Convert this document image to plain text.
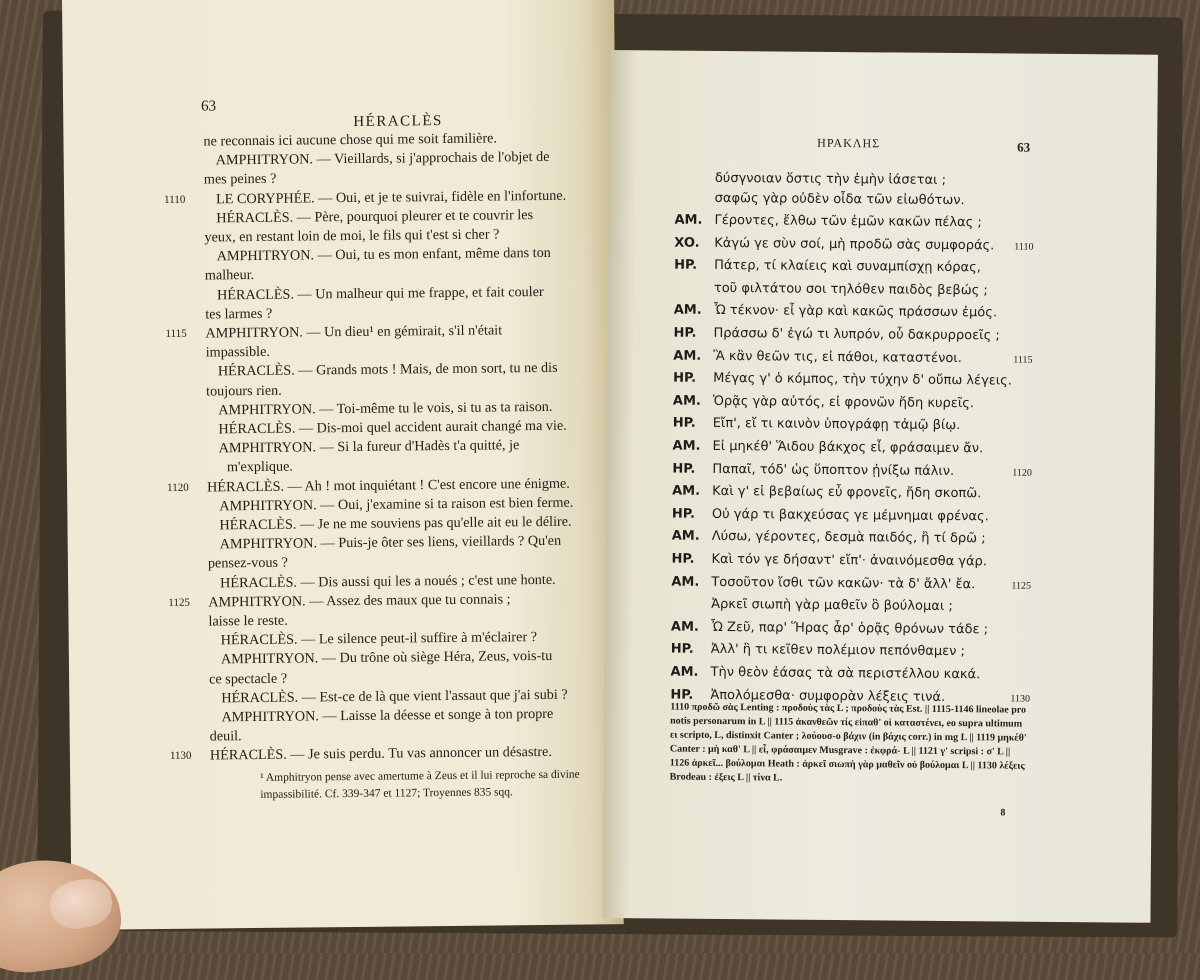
63
HÉRACLÈS
ne reconnais ici aucune chose qui me soit familière.
AMPHITRYON. — Vieillards, si j'approchais de l'objet de
mes peines ?
LE CORYPHÉE. — Oui, et je te suivrai, fidèle en l'infortune.
1110
HÉRACLÈS. — Père, pourquoi pleurer et te couvrir les
yeux, en restant loin de moi, le fils qui t'est si cher ?
AMPHITRYON. — Oui, tu es mon enfant, même dans ton
malheur.
HÉRACLÈS. — Un malheur qui me frappe, et fait couler
tes larmes ?
AMPHITRYON. — Un dieu¹ en gémirait, s'il n'était
1115
impassible.
HÉRACLÈS. — Grands mots ! Mais, de mon sort, tu ne dis
toujours rien.
AMPHITRYON. — Toi-même tu le vois, si tu as ta raison.
HÉRACLÈS. — Dis-moi quel accident aurait changé ma vie.
AMPHITRYON. — Si la fureur d'Hadès t'a quitté, je
m'explique.
HÉRACLÈS. — Ah ! mot inquiétant ! C'est encore une énigme.
1120
AMPHITRYON. — Oui, j'examine si ta raison est bien ferme.
HÉRACLÈS. — Je ne me souviens pas qu'elle ait eu le délire.
AMPHITRYON. — Puis-je ôter ses liens, vieillards ? Qu'en
pensez-vous ?
HÉRACLÈS. — Dis aussi qui les a noués ; c'est une honte.
AMPHITRYON. — Assez des maux que tu connais ;
1125
laisse le reste.
HÉRACLÈS. — Le silence peut-il suffire à m'éclairer ?
AMPHITRYON. — Du trône où siège Héra, Zeus, vois-tu
ce spectacle ?
HÉRACLÈS. — Est-ce de là que vient l'assaut que j'ai subi ?
AMPHITRYON. — Laisse la déesse et songe à ton propre
deuil.
HÉRACLÈS. — Je suis perdu. Tu vas annoncer un désastre.
1130
¹ Amphitryon pense avec amertume à Zeus et il lui reproche sa divine impassibilité. Cf. 339-347 et 1127; Troyennes 835 sqq.
ΗΡΑΚΛΗΣ	63
δύσγνοιαν ὅστις τὴν ἐμὴν ἰάσεται ;
σαφῶς γὰρ οὐδὲν οἶδα τῶν εἰωθότων.
AM. Γέροντες, ἔλθω τῶν ἐμῶν κακῶν πέλας ;
XO. Κἀγώ γε σὺν σοί, μὴ προδῶ σὰς συμφοράς. 1110
HP. Πάτερ, τί κλαίεις καὶ συναμπίσχῃ κόρας,
τοῦ φιλτάτου σοι τηλόθεν παιδὸς βεβώς ;
AM. Ὦ τέκνον· εἶ γὰρ καὶ κακῶς πράσσων ἐμός.
HP. Πράσσω δ' ἐγώ τι λυπρόν, οὗ δακρυρροεῖς ;
AM. Ἃ κἂν θεῶν τις, εἰ πάθοι, καταστένοι.	1115
HP. Μέγας γ' ὁ κόμπος, τὴν τύχην δ' οὔπω λέγεις.
AM. Ὁρᾷς γὰρ αὐτός, εἰ φρονῶν ἤδη κυρεῖς.
HP. Εἴπ', εἴ τι καινὸν ὑπογράφῃ τἀμῷ βίῳ.
AM. Εἰ μηκέθ' Ἅιδου βάκχος εἶ, φράσαιμεν ἄν.
HP. Παπαῖ, τόδ' ὡς ὕποπτον ᾐνίξω πάλιν.	1120
AM. Καὶ γ' εἰ βεβαίως εὖ φρονεῖς, ἤδη σκοπῶ.
HP. Οὐ γάρ τι βακχεύσας γε μέμνημαι φρένας.
AM. Λύσω, γέροντες, δεσμὰ παιδός, ἢ τί δρῶ ;
HP. Καὶ τόν γε δήσαντ' εἴπ'· ἀναινόμεσθα γάρ.
AM. Τοσοῦτον ἴσθι τῶν κακῶν· τὰ δ' ἄλλ' ἔα.	1125
Ἀρκεῖ σιωπὴ γὰρ μαθεῖν ὃ βούλομαι ;
AM. Ὦ Ζεῦ, παρ' Ἥρας ἆρ' ὁρᾷς θρόνων τάδε ;
HP. Ἀλλ' ἢ τι κεῖθεν πολέμιον πεπόνθαμεν ;
AM. Τὴν θεὸν ἐάσας τὰ σὰ περιστέλλου κακά.
HP. Ἀπολόμεσθα· συμφορὰν λέξεις τινά.	1130
1110 προδῶ σὰς Lenting : προδοὺς τὰς L ; προδοὺς τὰς Est. || 1115-1146 lineolae pro notis personarum in L || 1115 ἀκανθεῶν τίς εἰπαθ' οἱ καταστένει, eo supra ultimum ει scripto, L, distinxit Canter ; λούουσ-ο βάχιν (in βάχις corr.) in mg L || 1119 μηκέθ' Canter : μὴ καθ' L || εἶ, φράσαιμεν Musgrave : ἐκφρά- L || 1121 γ' scripsi : σ' L || 1126 ἀρκεῖ... βούλομαι Heath : ἀρκεῖ σιωπὴ γὰρ μαθεῖν οὐ βούλομαι L || 1130 λέξεις Brodeau : ἐξεις L || τίνα L.
8
